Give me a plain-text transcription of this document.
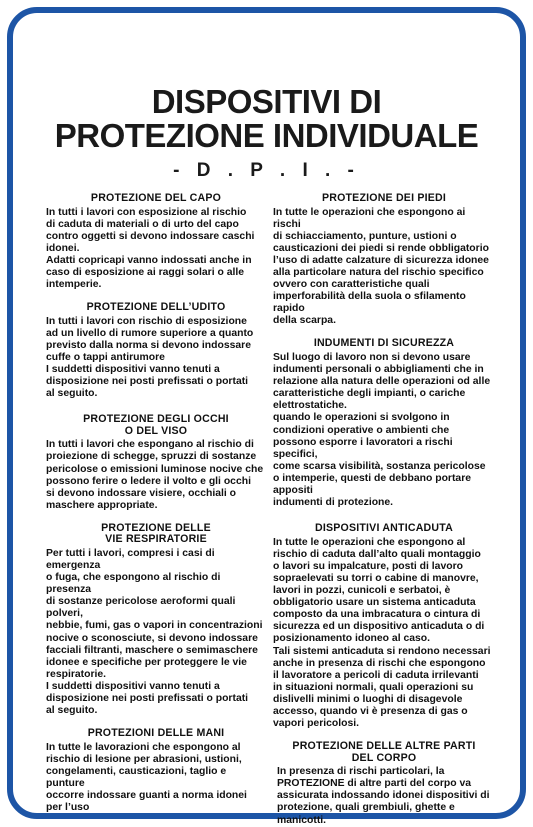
DISPOSITIVI DI
PROTEZIONE INDIVIDUALE
- D . P . I . -
PROTEZIONE DEL CAPO
In tutti i lavori con esposizione al rischio
di caduta di materiali o di urto del capo
contro oggetti si devono indossare caschi
idonei.
Adatti copricapi vanno indossati anche in
caso di esposizione ai raggi solari o alle
intemperie.
PROTEZIONE DELL’UDITO
In tutti i lavori con rischio di esposizione
ad un livello di rumore superiore a quanto
previsto dalla norma si devono indossare
cuffe o tappi antirumore
I suddetti dispositivi vanno tenuti a
disposizione nei posti prefissati o portati
al seguito.
PROTEZIONE DEGLI OCCHI
O DEL VISO
In tutti i lavori che espongano al rischio di
proiezione di schegge, spruzzi di sostanze
pericolose o emissioni luminose nocive che
possono ferire o ledere il volto e gli occhi
si devono indossare visiere, occhiali o
maschere appropriate.
PROTEZIONE DELLE
VIE RESPIRATORIE
Per tutti i lavori, compresi i casi di emergenza
o fuga, che espongono al rischio di presenza
di sostanze pericolose aeroformi quali polveri,
nebbie, fumi, gas o vapori in concentrazioni
nocive o sconosciute, si devono indossare
facciali filtranti, maschere o semimaschere
idonee e specifiche per proteggere le vie
respiratorie.
I suddetti dispositivi vanno tenuti a
disposizione nei posti prefissati o portati
al seguito.
PROTEZIONI DELLE MANI
In tutte le lavorazioni che espongono al
rischio di lesione per abrasioni, ustioni,
congelamenti, causticazioni, taglio e punture
occorre indossare guanti a norma idonei
per l’uso
PROTEZIONE DEI PIEDI
In tutte le operazioni che espongono ai rischi
di schiacciamento, punture, ustioni o
causticazioni dei piedi si rende obbligatorio
l’uso di adatte calzature di sicurezza idonee
alla particolare natura del rischio specifico
ovvero con caratteristiche quali
imperforabilità della suola o sfilamento rapido
della scarpa.
INDUMENTI DI SICUREZZA
Sul luogo di lavoro non si devono usare
indumenti personali o abbigliamenti che in
relazione alla natura delle operazioni od alle
caratteristiche degli impianti, o cariche
elettrostatiche.
quando le operazioni si svolgono in
condizioni operative o ambienti che
possono esporre i lavoratori a rischi specifici,
come scarsa visibilità, sostanza pericolose
o intemperie, questi de debbano portare appositi
indumenti di protezione.
DISPOSITIVI ANTICADUTA
In tutte le operazioni che espongono al
rischio di caduta dall’alto quali montaggio
o lavori su impalcature, posti di lavoro
sopraelevati su torri o cabine di manovre,
lavori in pozzi, cunicoli e serbatoi, è
obbligatorio usare un sistema anticaduta
composto da una imbracatura o cintura di
sicurezza ed un dispositivo anticaduta o di
posizionamento idoneo al caso.
Tali sistemi anticaduta si rendono necessari
anche in presenza di rischi che espongono
il lavoratore a pericoli di caduta irrilevanti
in situazioni normali, quali operazioni su
dislivelli minimi o luoghi di disagevole
accesso, quando vi è presenza di gas o
vapori pericolosi.
PROTEZIONE DELLE ALTRE PARTI
DEL CORPO
In presenza di rischi particolari, la
PROTEZIONE di altre parti del corpo va
assicurata indossando idonei dispositivi di
protezione, quali grembiuli, ghette e
manicotti.
